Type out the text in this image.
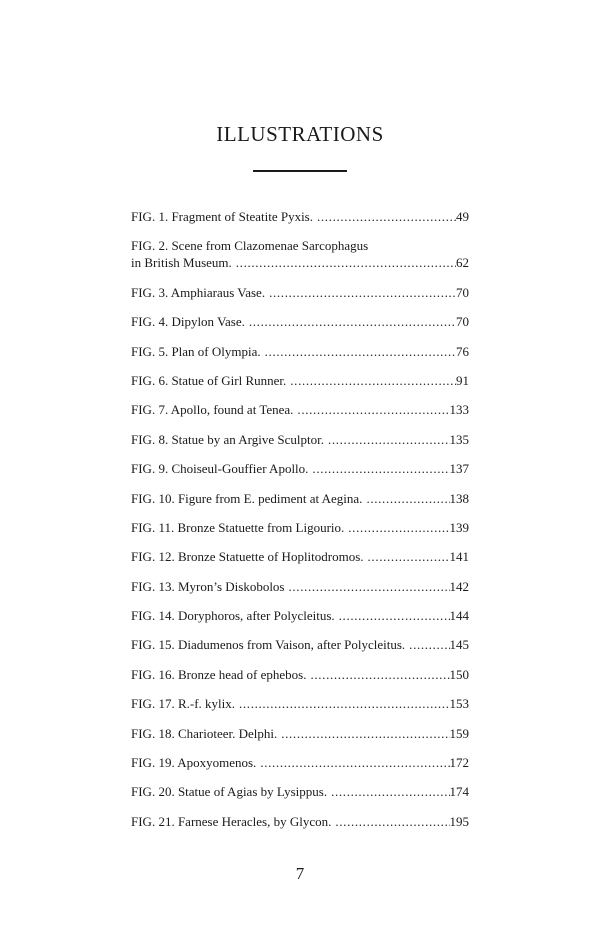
ILLUSTRATIONS
FIG. 1. Fragment of Steatite Pyxis. . . .	49
FIG. 2. Scene from Clazomenae Sarcophagus
in British Museum. . . .	62
FIG. 3. Amphiaraus Vase. . . .	70
FIG. 4. Dipylon Vase. . . .	70
FIG. 5. Plan of Olympia. . . .	76
FIG. 6. Statue of Girl Runner. . . .	91
FIG. 7. Apollo, found at Tenea. . . .	133
FIG. 8. Statue by an Argive Sculptor. . . .	135
FIG. 9. Choiseul-Gouffier Apollo. . . .	137
FIG. 10. Figure from E. pediment at Aegina. . . .	138
FIG. 11. Bronze Statuette from Ligourio. . . .	139
FIG. 12. Bronze Statuette of Hoplitodromos. . . .	141
FIG. 13. Myron’s Diskobolos . . .	142
FIG. 14. Doryphoros, after Polycleitus. . . .	144
FIG. 15. Diadumenos from Vaison, after Polycleitus. . . .	145
FIG. 16. Bronze head of ephebos. . . .	150
FIG. 17. R.-f. kylix. . . .	153
FIG. 18. Charioteer. Delphi. . . .	159
FIG. 19. Apoxyomenos. . . .	172
FIG. 20. Statue of Agias by Lysippus. . . .	174
FIG. 21. Farnese Heracles, by Glycon. . . .	195
7
